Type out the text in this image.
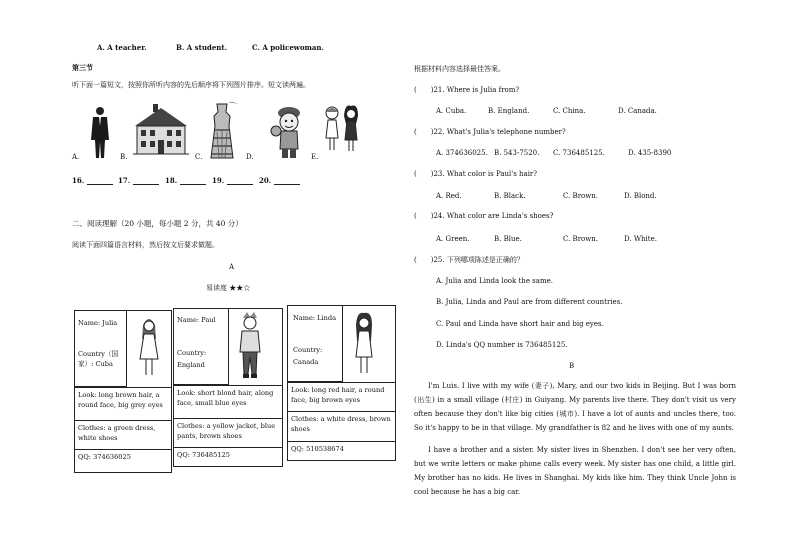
A. A teacher.	B. A student.	C. A policewoman.
第三节
听下面一篇短文，按照你所听内容的先后顺序将下列图片排序。短文读两遍。
—.
A.	B.	C.	D.	E.
16.	17.	18.	19.	20.
二、阅读理解（20 小题，每小题 2 分，共 40 分）
阅读下面四篇语言材料，然后按文后要求做题。
A
易读度 ★★☆
Name: Julia
Country（国家）: Cuba
Look: long brown hair, a round face, big grey eyes
Clothes: a green dress, white shoes
QQ: 374636025
Name: Paul
Country: England
Look: short blond hair, along face, small blue eyes
Clothes: a yellow jacket, blue pants, brown shoes
QQ: 736485125
Name: Linda
Country: Canada
Look: long red hair, a round face, big brown eyes
Clothes: a white dress, brown shoes
QQ: 510538674
根据材料内容选择最佳答案。
(　　)21. Where is Julia from?
A. Cuba.	B. England.	C. China.	D. Canada.
(　　)22. What's Julia's telephone number?
A. 374636025. B. 543-7520. C. 736485125.	D. 435-8390
(　　)23. What color is Paul's hair?
A. Red.	B. Black.	C. Brown.	D. Blond.
(　　)24. What color are Linda's shoes?
A. Green.	B. Blue.	C. Brown.	D. White.
(　　)25. 下列哪项陈述是正确的？
A. Julia and Linda look the same.
B. Julia, Linda and Paul are from different countries.
C. Paul and Linda have short hair and big eyes.
D. Linda's QQ number is 736485125.
B
I'm Luis. I live with my wife (妻子), Mary, and our two kids in Beijing. But I was born (出生) in a small village (村庄) in Guiyang. My parents live there. They don't visit us very often because they don't like big cities (城市). I have a lot of aunts and uncles there, too. So it's happy to be in that village. My grandfather is 82 and he lives with one of my aunts.
I have a brother and a sister. My sister lives in Shenzhen. I don't see her very often, but we write letters or make phone calls every week. My sister has one child, a little girl. My brother has no kids. He lives in Shanghai. My kids like him. They think Uncle John is cool because he has a big car.
